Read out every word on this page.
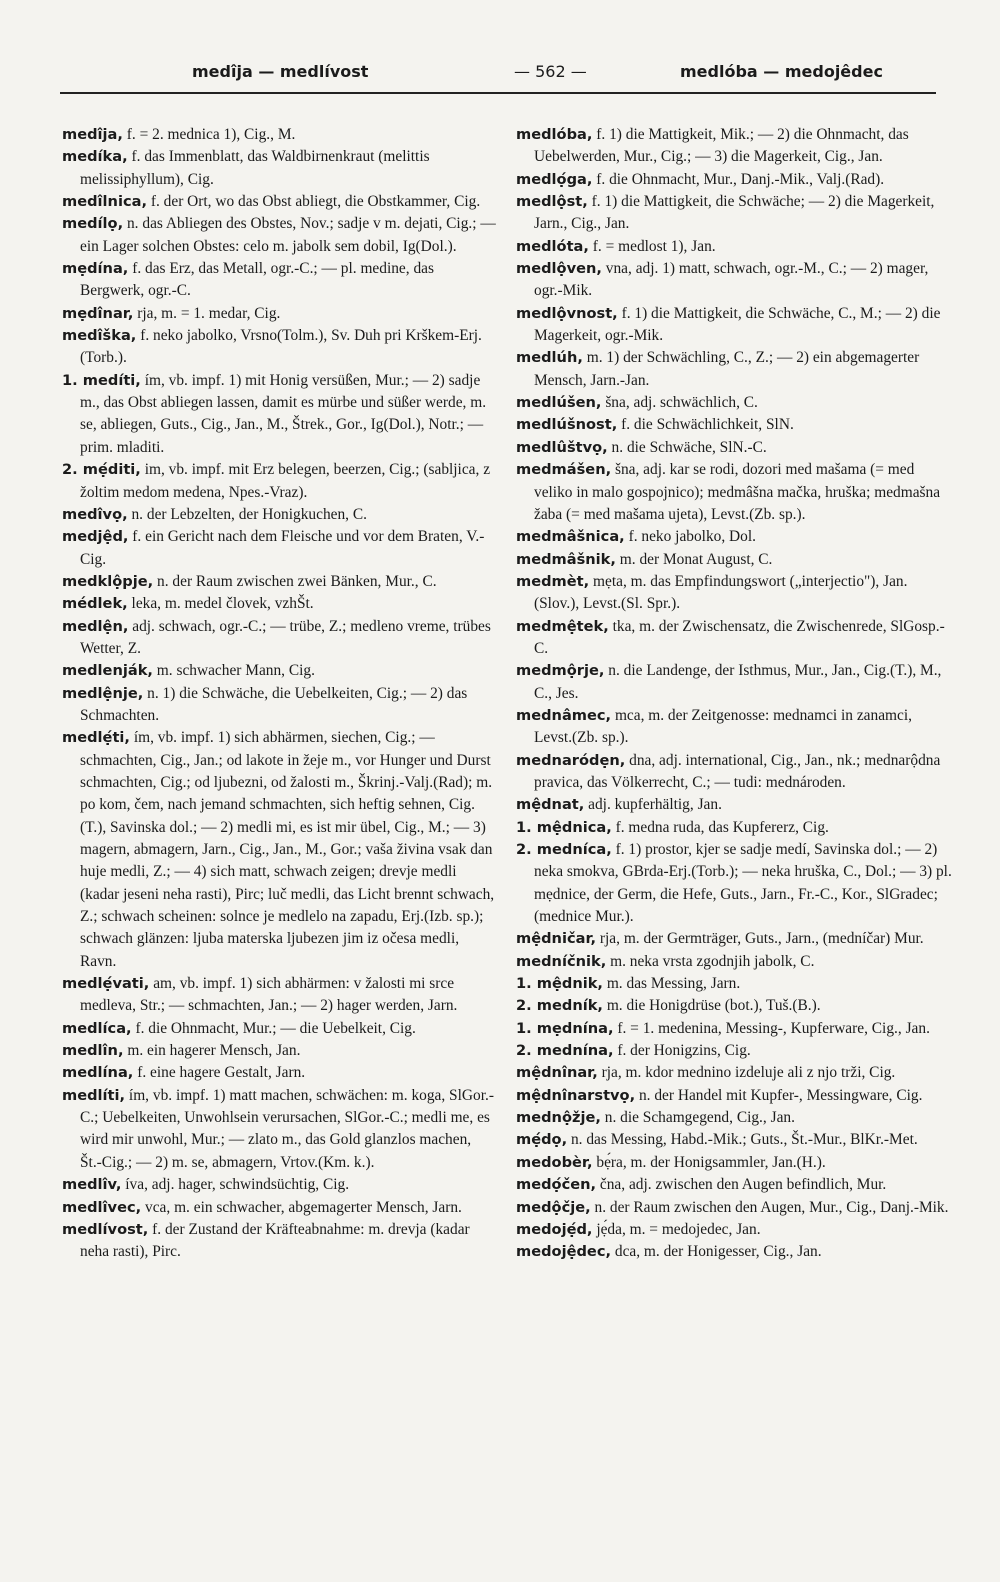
medîja — medlívost	— 562 —	medlóba — medojêdec

medîja, f. = 2. mednica 1), Cig., M.

medíka, f. das Immenblatt, das Waldbirnenkraut (melittis melissiphyllum), Cig.

medîlnica, f. der Ort, wo das Obst abliegt, die Obstkammer, Cig.

medílọ, n. das Abliegen des Obstes, Nov.; sadje v m. dejati, Cig.; — ein Lager solchen Obstes: celo m. jabolk sem dobil, Ig(Dol.).

mẹdína, f. das Erz, das Metall, ogr.-C.; — pl. medine, das Bergwerk, ogr.-C.

mẹdînar, rja, m. = 1. medar, Cig.

medîška, f. neko jabolko, Vrsno(Tolm.), Sv. Duh pri Krškem-Erj.(Torb.).

1. medíti, ím, vb. impf. 1) mit Honig versüßen, Mur.; — 2) sadje m., das Obst abliegen lassen, damit es mürbe und süßer werde, m. se, abliegen, Guts., Cig., Jan., M., Štrek., Gor., Ig(Dol.), Notr.; — prim. mladiti.

2. mẹ́diti, im, vb. impf. mit Erz belegen, beerzen, Cig.; (sablјica, z žoltim medom medena, Npes.-Vraz).

medîvọ, n. der Lebzelten, der Honigkuchen, C.

medjệd, f. ein Gericht nach dem Fleische und vor dem Braten, V.-Cig.

medklộpje, n. der Raum zwischen zwei Bänken, Mur., C.

médlek, leka, m. medel človek, vzhŠt.

medlện, adj. schwach, ogr.-C.; — trübe, Z.; medleno vreme, trübes Wetter, Z.

medlenják, m. schwacher Mann, Cig.

medlệnje, n. 1) die Schwäche, die Uebelkeiten, Cig.; — 2) das Schmachten.

medlẹ́ti, ím, vb. impf. 1) sich abhärmen, siechen, Cig.; — schmachten, Cig., Jan.; od lakote in žeje m., vor Hunger und Durst schmachten, Cig.; od ljubezni, od žalosti m., Škrinj.-Valj.(Rad); m. po kom, čem, nach jemand schmachten, sich heftig sehnen, Cig.(T.), Savinska dol.; — 2) medli mi, es ist mir übel, Cig., M.; — 3) magern, abmagern, Jarn., Cig., Jan., M., Gor.; vaša živina vsak dan huje medli, Z.; — 4) sich matt, schwach zeigen; drevje medli (kadar jeseni neha rasti), Pirc; luč medli, das Licht brennt schwach, Z.; schwach scheinen: solnce je medlelo na zapadu, Erj.(Izb. sp.); schwach glänzen: ljuba materska ljubezen jim iz očesa medli, Ravn.

medlẹ́vati, am, vb. impf. 1) sich abhärmen: v žalosti mi srce medleva, Str.; — schmachten, Jan.; — 2) hager werden, Jarn.

medlíca, f. die Ohnmacht, Mur.; — die Uebelkeit, Cig.

medlîn, m. ein hagerer Mensch, Jan.

medlína, f. eine hagere Gestalt, Jarn.

medlíti, ím, vb. impf. 1) matt machen, schwächen: m. koga, SlGor.-C.; Uebelkeiten, Unwohlsein verursachen, SlGor.-C.; medli me, es wird mir unwohl, Mur.; — zlato m., das Gold glanzlos machen, Št.-Cig.; — 2) m. se, abmagern, Vrtov.(Km. k.).

medlîv, íva, adj. hager, schwindsüchtig, Cig.

medlîvec, vca, m. ein schwacher, abgemagerter Mensch, Jarn.

medlívost, f. der Zustand der Kräfteabnahme: m. drevja (kadar neha rasti), Pirc.

medlóba, f. 1) die Mattigkeit, Mik.; — 2) die Ohnmacht, das Uebelwerden, Mur., Cig.; — 3) die Magerkeit, Cig., Jan.

medlọ́ga, f. die Ohnmacht, Mur., Danj.-Mik., Valj.(Rad).

medlộst, f. 1) die Mattigkeit, die Schwäche; — 2) die Magerkeit, Jarn., Cig., Jan.

medlóta, f. = medlost 1), Jan.

medlộven, vna, adj. 1) matt, schwach, ogr.-M., C.; — 2) mager, ogr.-Mik.

medlộvnost, f. 1) die Mattigkeit, die Schwäche, C., M.; — 2) die Magerkeit, ogr.-Mik.

medlúh, m. 1) der Schwächling, C., Z.; — 2) ein abgemagerter Mensch, Jarn.-Jan.

medlúšen, šna, adj. schwächlich, C.

medlúšnost, f. die Schwächlichkeit, SlN.

medlûštvọ, n. die Schwäche, SlN.-C.

medmášen, šna, adj. kar se rodi, dozori med mašama (= med veliko in malo gospojnico); medmâšna mačka, hruška; medmašna žaba (= med mašama ujeta), Levst.(Zb. sp.).

medmâšnica, f. neko jabolko, Dol.

medmâšnik, m. der Monat August, C.

medmèt, mẹta, m. das Empfindungswort („interjectio"), Jan.(Slov.), Levst.(Sl. Spr.).

medmệtek, tka, m. der Zwischensatz, die Zwischenrede, SlGosp.-C.

medmộrje, n. die Landenge, der Isthmus, Mur., Jan., Cig.(T.), M., C., Jes.

mednâmec, mca, m. der Zeitgenosse: mednamci in zanamci, Levst.(Zb. sp.).

mednaródẹn, dna, adj. international, Cig., Jan., nk.; mednarộdna pravica, das Völkerrecht, C.; — tudi: mednároden.

mệdnat, adj. kupferhältig, Jan.

1. mệdnica, f. medna ruda, das Kupfererz, Cig.

2. medníca, f. 1) prostor, kjer se sadje medí, Savinska dol.; — 2) neka smokva, GBrda-Erj.(Torb.); — neka hruška, C., Dol.; — 3) pl. mẹdnice, der Germ, die Hefe, Guts., Jarn., Fr.-C., Kor., SlGradec; (mednice Mur.).

mệdničar, rja, m. der Germträger, Guts., Jarn., (medníčar) Mur.

medníčnik, m. neka vrsta zgodnjih jabolk, C.

1. mệdnik, m. das Messing, Jarn.

2. medník, m. die Honigdrüse (bot.), Tuš.(B.).

1. mẹdnína, f. = 1. medenina, Messing-, Kupferware, Cig., Jan.

2. mednína, f. der Honigzins, Cig.

mệdnînar, rja, m. kdor mednino izdeluje ali z njo trži, Cig.

mệdnînarstvọ, n. der Handel mit Kupfer-, Messingware, Cig.

mednộžje, n. die Schamgegend, Cig., Jan.

mẹ́dọ, n. das Messing, Habd.-Mik.; Guts., Št.-Mur., BlKr.-Met.

medobèr, bẹ́ra, m. der Honigsammler, Jan.(H.).

medọ́čen, čna, adj. zwischen den Augen befindlich, Mur.

medộčje, n. der Raum zwischen den Augen, Mur., Cig., Danj.-Mik.

medojẹ́d, jẹ́da, m. = medojedec, Jan.

medojệdec, dca, m. der Honigesser, Cig., Jan.
